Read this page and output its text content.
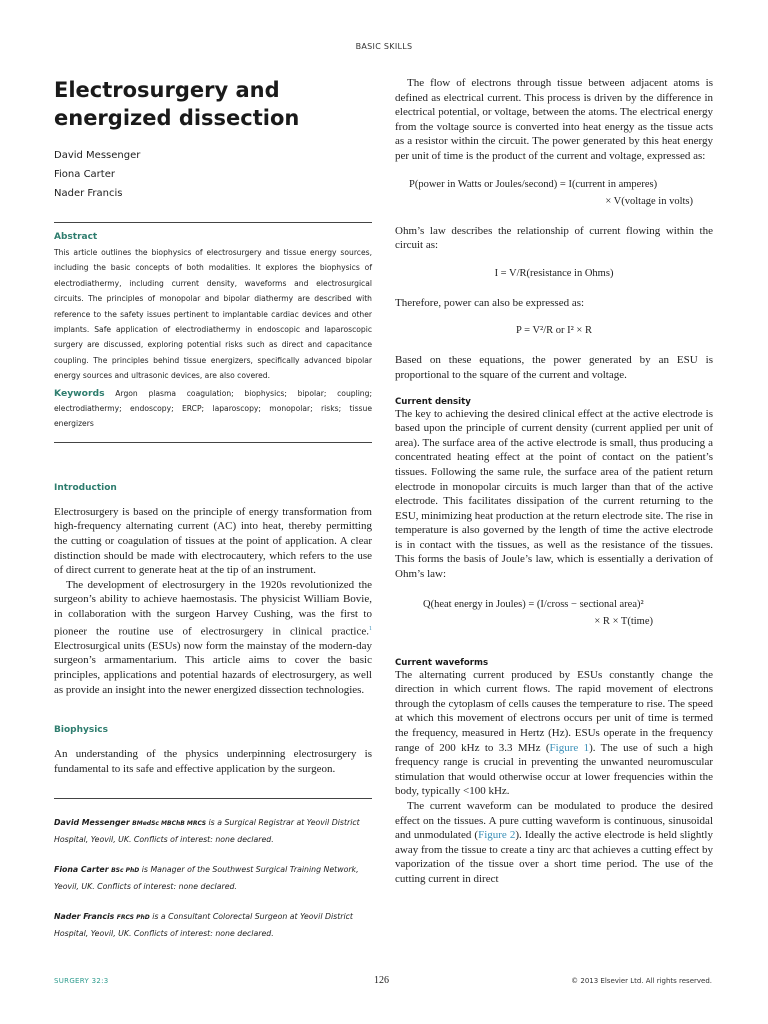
BASIC SKILLS
Electrosurgery and energized dissection
David Messenger
Fiona Carter
Nader Francis
Abstract
This article outlines the biophysics of electrosurgery and tissue energy sources, including the basic concepts of both modalities. It explores the biophysics of electrodiathermy, including current density, waveforms and electrosurgical circuits. The principles of monopolar and bipolar diathermy are described with reference to the safety issues pertinent to implantable cardiac devices and other implants. Safe application of electrodiathermy in endoscopic and laparoscopic surgery are discussed, exploring potential risks such as direct and capacitance coupling. The principles behind tissue energizers, specifically advanced bipolar energy sources and ultrasonic devices, are also covered.
Keywords Argon plasma coagulation; biophysics; bipolar; coupling; electrodiathermy; endoscopy; ERCP; laparoscopy; monopolar; risks; tissue energizers
Introduction

Electrosurgery is based on the principle of energy transformation from high-frequency alternating current (AC) into heat, thereby permitting the cutting or coagulation of tissues at the point of application. A clear distinction should be made with electrocautery, which refers to the use of direct current to generate heat at the tip of an instrument.

The development of electrosurgery in the 1920s revolutionized the surgeon’s ability to achieve haemostasis. The physicist William Bovie, in collaboration with the surgeon Harvey Cushing, was the first to pioneer the routine use of electrosurgery in clinical practice.$^1$ Electrosurgical units (ESUs) now form the mainstay of the modern-day surgeon’s armamentarium. This article aims to cover the basic principles, applications and potential hazards of electrosurgery, as well as provide an insight into the newer energized dissection technologies.

Biophysics

An understanding of the physics underpinning electrosurgery is fundamental to its safe and effective application by the surgeon.

David Messenger BMedSc MBChB MRCS is a Surgical Registrar at Yeovil District Hospital, Yeovil, UK. Conflicts of interest: none declared.

Fiona Carter BSc PhD is Manager of the Southwest Surgical Training Network, Yeovil, UK. Conflicts of interest: none declared.

Nader Francis FRCS PhD is a Consultant Colorectal Surgeon at Yeovil District Hospital, Yeovil, UK. Conflicts of interest: none declared.

The flow of electrons through tissue between adjacent atoms is defined as electrical current. This process is driven by the difference in electrical potential, or voltage, between the atoms. The electrical energy from the voltage source is converted into heat energy as the tissue acts as a resistor within the circuit. The power generated by this heat energy per unit of time is the product of the current and voltage, expressed as:

P(power in Watts or Joules/second) = I(current in amperes)
× V(voltage in volts)

Ohm’s law describes the relationship of current flowing within the circuit as:

I = V/R(resistance in Ohms)

Therefore, power can also be expressed as:

P = V²/R or I² × R

Based on these equations, the power generated by an ESU is proportional to the square of the current and voltage.

Current density

The key to achieving the desired clinical effect at the active electrode is based upon the principle of current density (current applied per unit of area). The surface area of the active electrode is small, thus producing a concentrated heating effect at the point of contact on the patient’s tissues. Following the same rule, the surface area of the patient return electrode in monopolar circuits is much larger than that of the active electrode. This facilitates dissipation of the current returning to the ESU, minimizing heat production at the return electrode site. The rise in temperature is also governed by the length of time the active electrode is in contact with the tissues, as well as the resistance of the tissues. This forms the basis of Joule’s law, which is essentially a derivation of Ohm’s law:

Q(heat energy in Joules) = (I/cross − sectional area)²
× R × T(time)
Current waveforms

The alternating current produced by ESUs constantly change the direction in which current flows. The rapid movement of electrons through the cytoplasm of cells causes the temperature to rise. The speed at which this movement of electrons occurs per unit of time is termed the frequency, measured in Hertz (Hz). ESUs operate in the frequency range of 200 kHz to 3.3 MHz (Figure 1). The use of such a high frequency range is crucial in preventing the unwanted neuromuscular stimulation that would otherwise occur at lower frequencies within the body, typically <100 kHz.

The current waveform can be modulated to produce the desired effect on the tissues. A pure cutting waveform is continuous, sinusoidal and unmodulated (Figure 2). Ideally the active electrode is held slightly away from the tissue to create a tiny arc that achieves a cutting effect by vaporization of the tissue over a short time period. The use of the cutting current in direct

SURGERY 32:3	126	© 2013 Elsevier Ltd. All rights reserved.
